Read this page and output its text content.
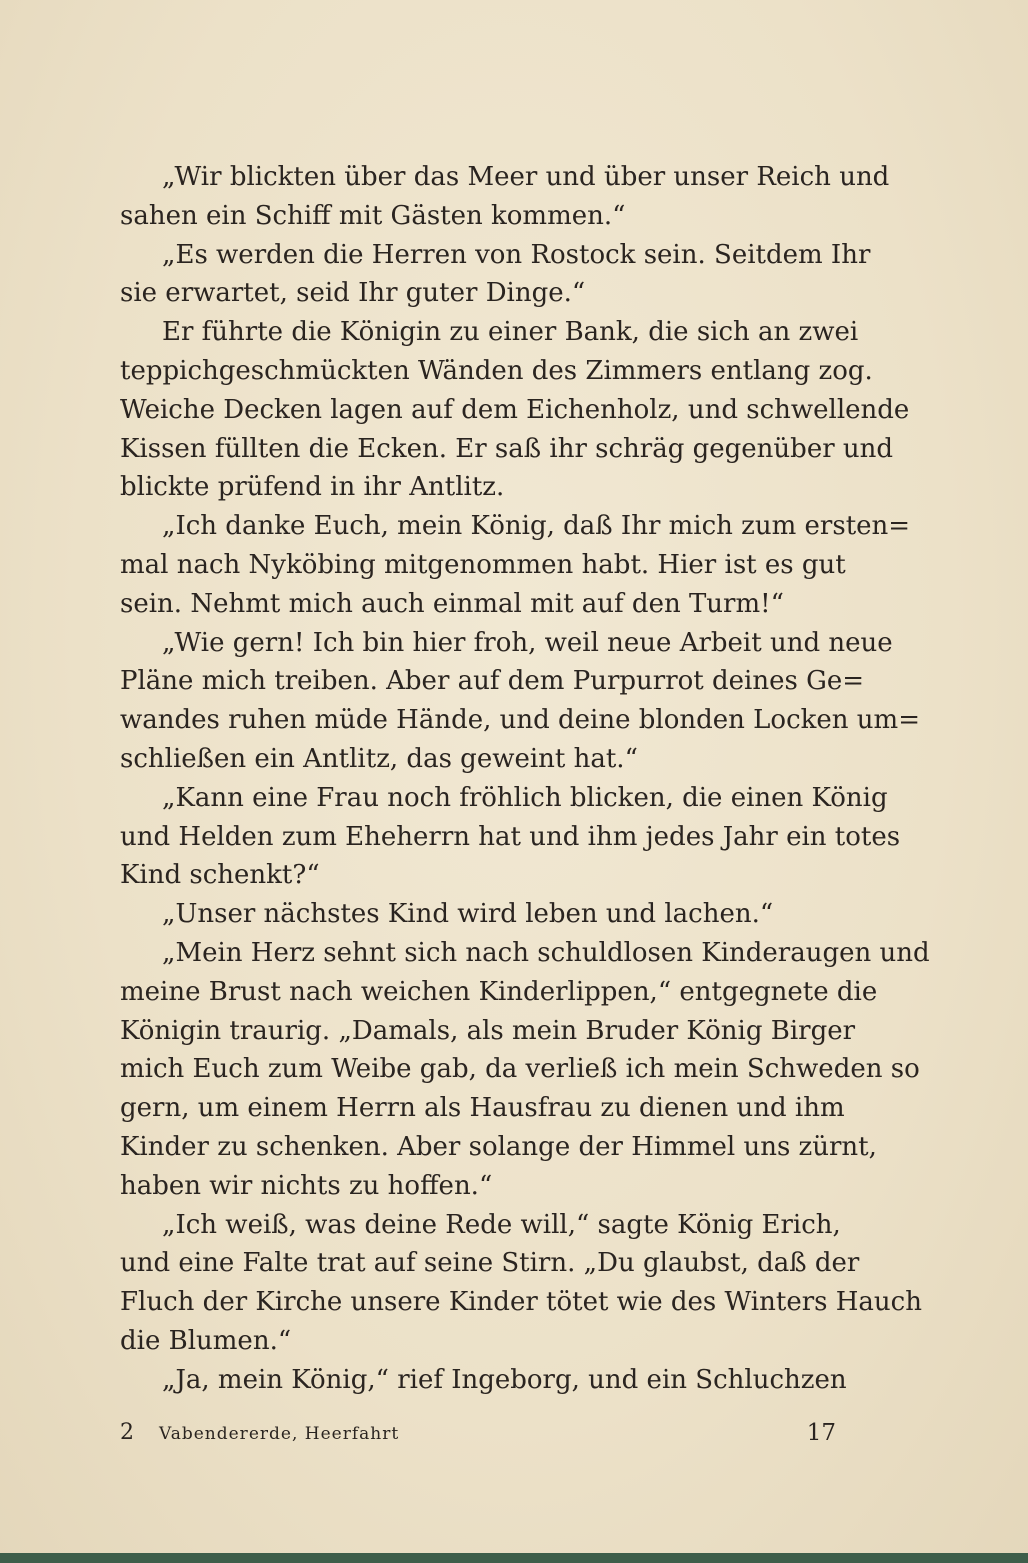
„Wir blickten über das Meer und über unser Reich und
sahen ein Schiff mit Gästen kommen.“
„Es werden die Herren von Rostock sein. Seitdem Ihr
sie erwartet, seid Ihr guter Dinge.“
Er führte die Königin zu einer Bank, die sich an zwei
teppichgeschmückten Wänden des Zimmers entlang zog.
Weiche Decken lagen auf dem Eichenholz, und schwellende
Kissen füllten die Ecken. Er saß ihr schräg gegenüber und
blickte prüfend in ihr Antlitz.
„Ich danke Euch, mein König, daß Ihr mich zum ersten=
mal nach Nyköbing mitgenommen habt. Hier ist es gut
sein. Nehmt mich auch einmal mit auf den Turm!“
„Wie gern! Ich bin hier froh, weil neue Arbeit und neue
Pläne mich treiben. Aber auf dem Purpurrot deines Ge=
wandes ruhen müde Hände, und deine blonden Locken um=
schließen ein Antlitz, das geweint hat.“
„Kann eine Frau noch fröhlich blicken, die einen König
und Helden zum Eheherrn hat und ihm jedes Jahr ein totes
Kind schenkt?“
„Unser nächstes Kind wird leben und lachen.“
„Mein Herz sehnt sich nach schuldlosen Kinderaugen und
meine Brust nach weichen Kinderlippen,“ entgegnete die
Königin traurig. „Damals, als mein Bruder König Birger
mich Euch zum Weibe gab, da verließ ich mein Schweden so
gern, um einem Herrn als Hausfrau zu dienen und ihm
Kinder zu schenken. Aber solange der Himmel uns zürnt,
haben wir nichts zu hoffen.“
„Ich weiß, was deine Rede will,“ sagte König Erich,
und eine Falte trat auf seine Stirn. „Du glaubst, daß der
Fluch der Kirche unsere Kinder tötet wie des Winters Hauch
die Blumen.“
„Ja, mein König,“ rief Ingeborg, und ein Schluchzen
2 Vabendererde, Heerfahrt	17
